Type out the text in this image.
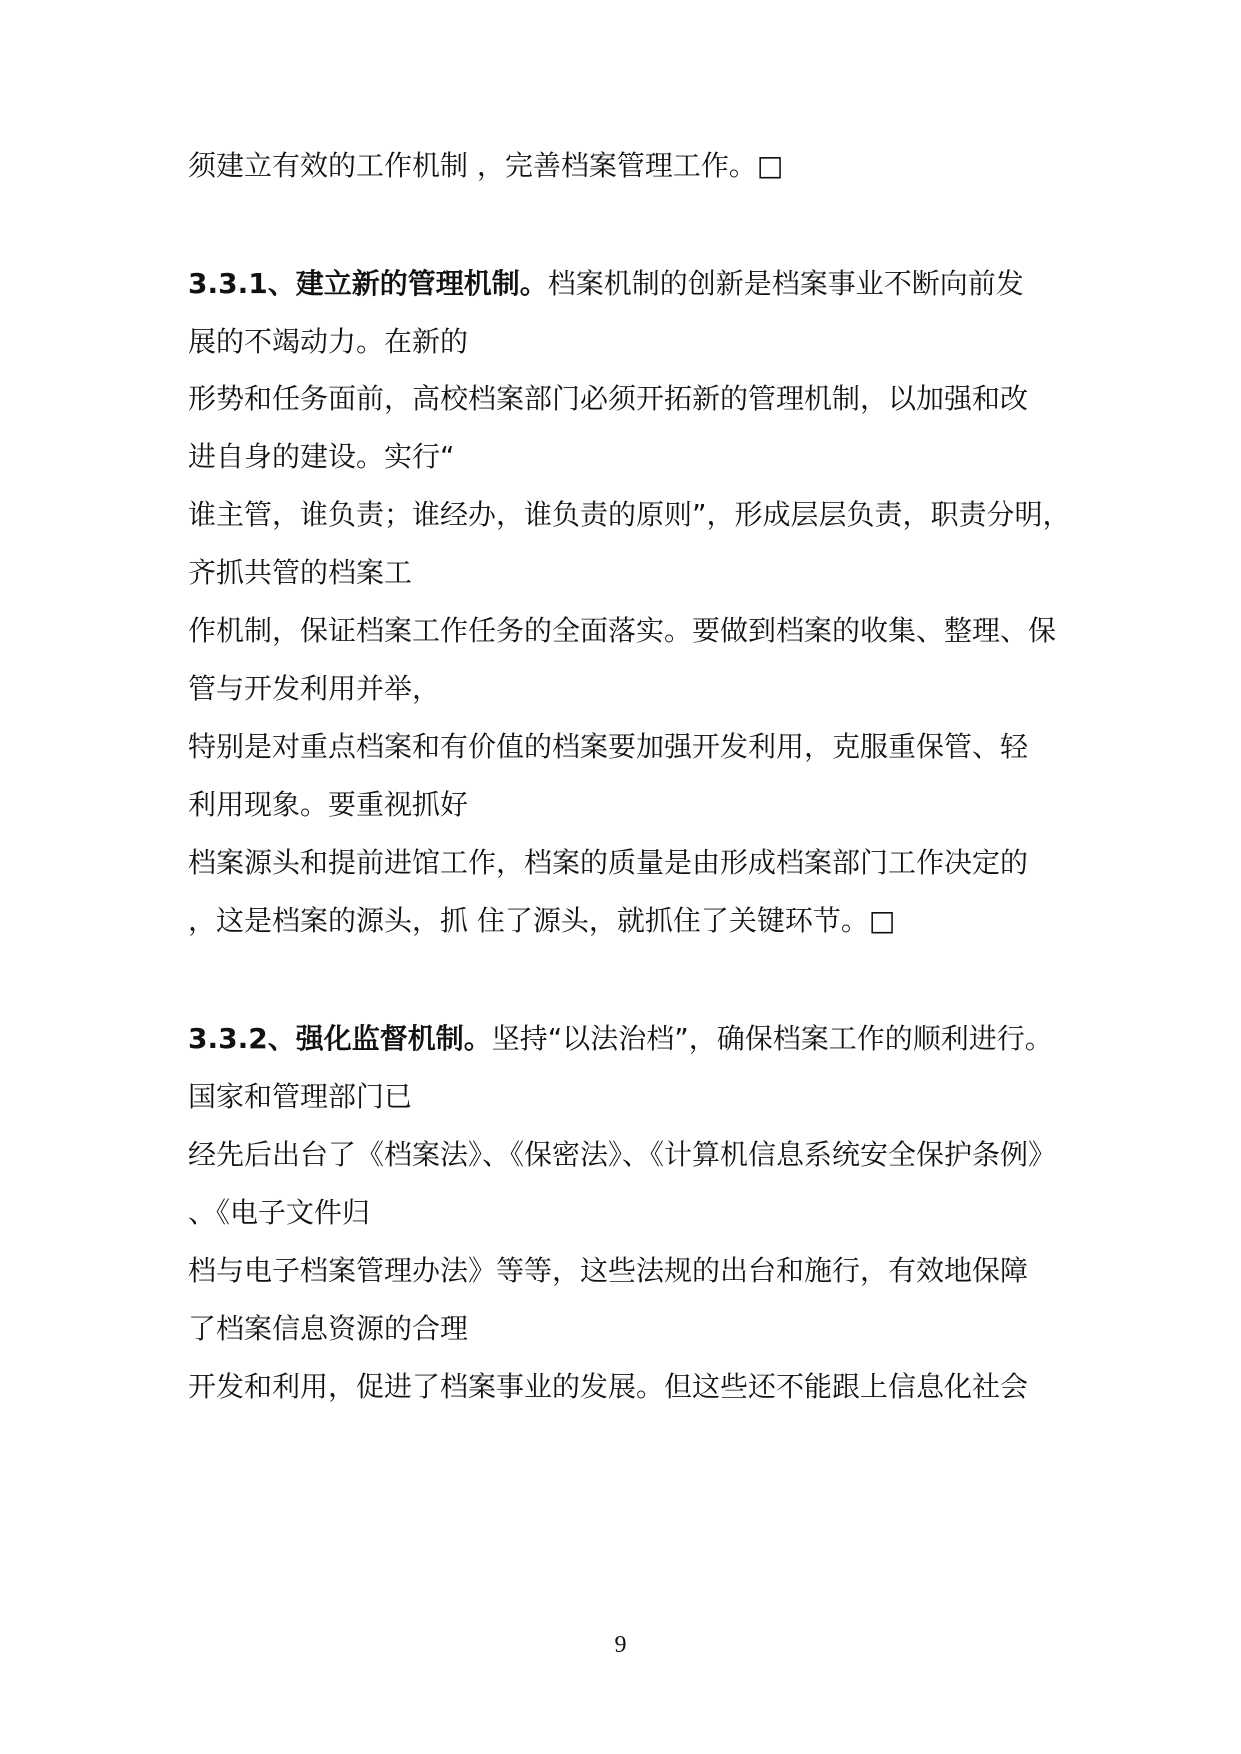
须建立有效的工作机制 ，完善档案管理工作。□
3.3.1、建立新的管理机制。档案机制的创新是档案事业不断向前发
展的不竭动力。在新的
形势和任务面前，高校档案部门必须开拓新的管理机制，以加强和改
进自身的建设。实行“
谁主管，谁负责；谁经办，谁负责的原则”，形成层层负责，职责分明，
齐抓共管的档案工
作机制，保证档案工作任务的全面落实。要做到档案的收集、整理、保
管与开发利用并举，
特别是对重点档案和有价值的档案要加强开发利用，克服重保管、轻
利用现象。要重视抓好
档案源头和提前进馆工作，档案的质量是由形成档案部门工作决定的
，这是档案的源头，抓 住了源头，就抓住了关键环节。□
3.3.2、强化监督机制。坚持“以法治档”，确保档案工作的顺利进行。
国家和管理部门已
经先后出台了《档案法》、《保密法》、《计算机信息系统安全保护条例》
、《电子文件归
档与电子档案管理办法》等等，这些法规的出台和施行，有效地保障
了档案信息资源的合理
开发和利用，促进了档案事业的发展。但这些还不能跟上信息化社会
9
